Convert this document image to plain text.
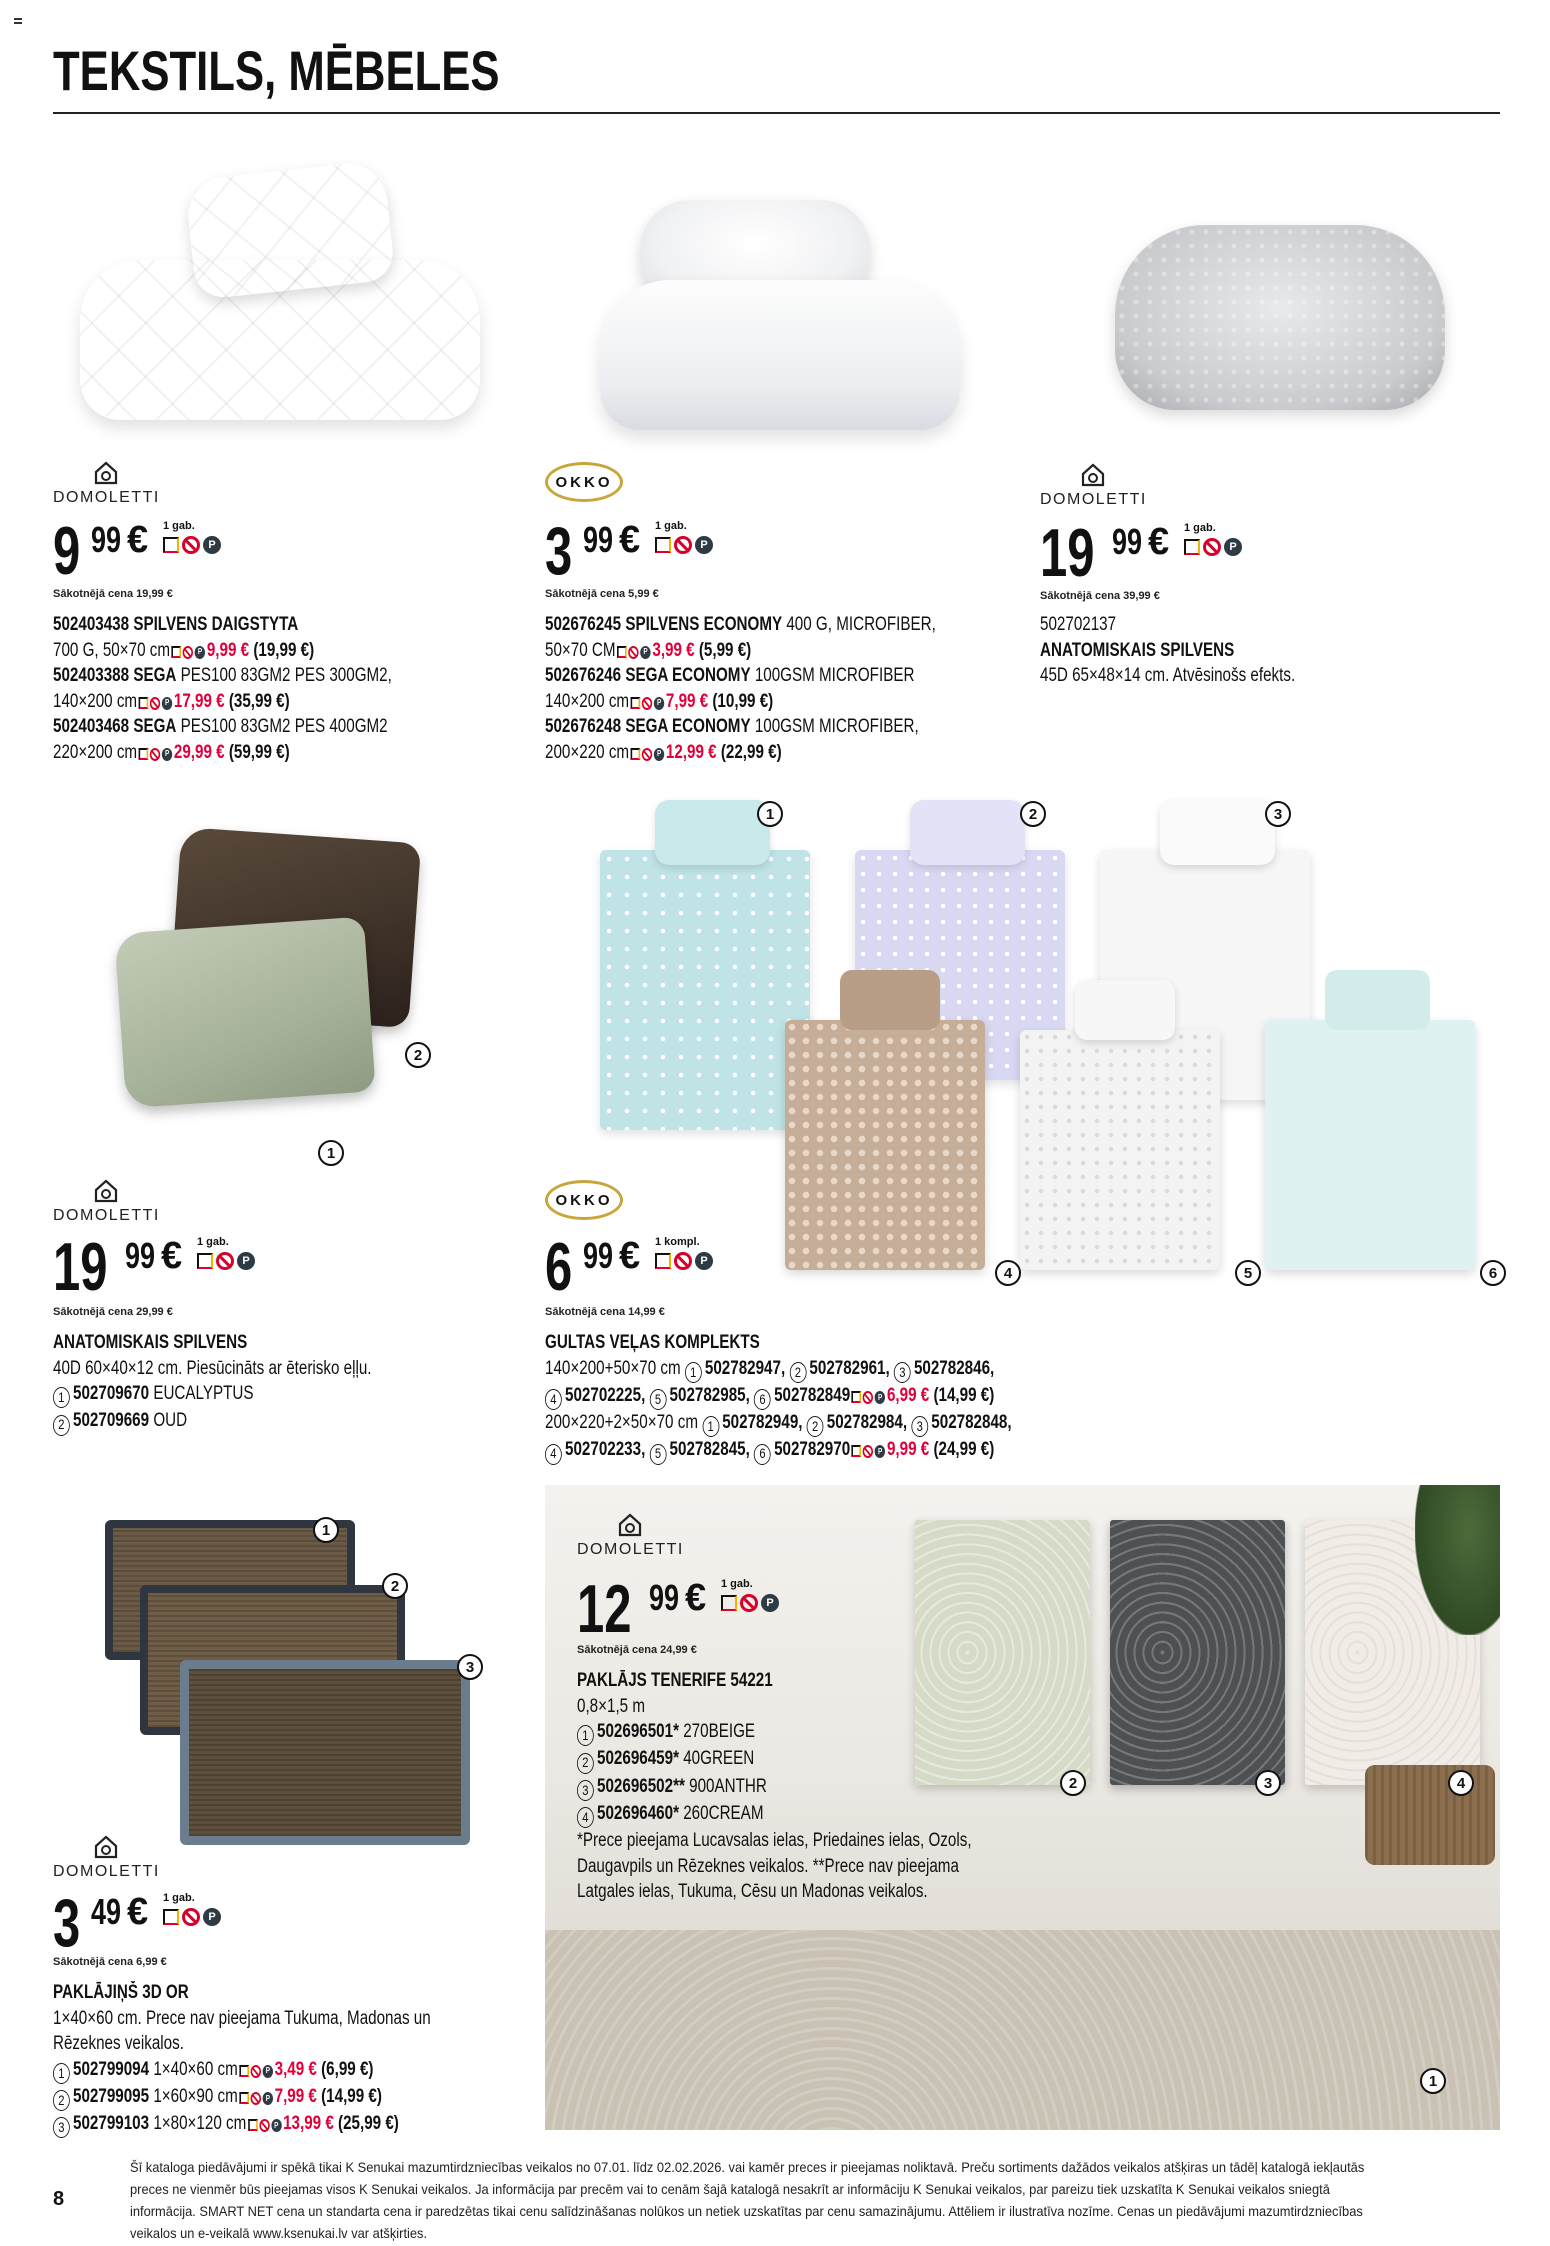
TEKSTILS, MĒBELES
DOMOLETTI
9 99 €	1 gab.
P
Sākotnējā cena 19,99 €
502403438 SPILVENS DAIGSTYTA
700 G, 50×70 cm	P 9,99 € (19,99 €)
502403388 SEGA PES100 83GM2 PES 300GM2,
140×200 cm	P 17,99 € (35,99 €)
502403468 SEGA PES100 83GM2 PES 400GM2
220×200 cm	P 29,99 € (59,99 €)
OKKO
3 99 €	1 gab.
P
Sākotnējā cena 5,99 €
502676245 SPILVENS ECONOMY 400 G, MICROFIBER,
50×70 CM	P 3,99 € (5,99 €)
502676246 SEGA ECONOMY 100GSM MICROFIBER
140×200 cm	P 7,99 € (10,99 €)
502676248 SEGA ECONOMY 100GSM MICROFIBER,
200×220 cm	P 12,99 € (22,99 €)
DOMOLETTI
19 99 €	1 gab.
P
Sākotnējā cena 39,99 €
502702137
ANATOMISKAIS SPILVENS
45D 65×48×14 cm. Atvēsinošs efekts.
2
1
DOMOLETTI
19 99 €	1 gab.
P
Sākotnējā cena 29,99 €
ANATOMISKAIS SPILVENS
40D 60×40×12 cm. Piesūcināts ar ēterisko eļļu.
1 502709670 EUCALYPTUS
2 502709669 OUD
1	2	3
4	5	6
OKKO
6 99 €	1 kompl.
P
Sākotnējā cena 14,99 €
GULTAS VEĻAS KOMPLEKTS
140×200+50×70 cm 1 502782947, 2 502782961, 3 502782846,
4 502702225, 5 502782985, 6 502782849	P 6,99 € (14,99 €)
200×220+2×50×70 cm 1 502782949, 2 502782984, 3 502782848,
4 502702233, 5 502782845, 6 502782970	P 9,99 € (24,99 €)
1
2
3
DOMOLETTI
3 49 €	1 gab.
P
Sākotnējā cena 6,99 €
PAKLĀJIŅŠ 3D OR
1×40×60 cm. Prece nav pieejama Tukuma, Madonas un
Rēzeknes veikalos.
1 502799094 1×40×60 cm	P 3,49 € (6,99 €)
2 502799095 1×60×90 cm	P 7,99 € (14,99 €)
3 502799103 1×80×120 cm	P 13,99 € (25,99 €)
2	3	4
1
DOMOLETTI
12 99 €	1 gab.
P
Sākotnējā cena 24,99 €
PAKLĀJS TENERIFE 54221
0,8×1,5 m
1 502696501* 270BEIGE
2 502696459* 40GREEN
3 502696502** 900ANTHR
4 502696460* 260CREAM
*Prece pieejama Lucavsalas ielas, Priedaines ielas, Ozols,
Daugavpils un Rēzeknes veikalos. **Prece nav pieejama
Latgales ielas, Tukuma, Cēsu un Madonas veikalos.
8
Šī kataloga piedāvājumi ir spēkā tikai K Senukai mazumtirdzniecības veikalos no 07.01. līdz 02.02.2026. vai kamēr preces ir pieejamas noliktavā. Preču sortiments dažādos veikalos atšķiras un tādēļ katalogā iekļautās preces ne vienmēr būs pieejamas visos K Senukai veikalos. Ja informācija par precēm vai to cenām šajā katalogā nesakrīt ar informāciju K Senukai veikalos, par pareizu tiek uzskatīta K Senukai veikalos sniegtā informācija. SMART NET cena un standarta cena ir paredzētas tikai cenu salīdzināšanas nolūkos un netiek uzskatītas par cenu samazinājumu. Attēliem ir ilustratīva nozīme. Cenas un piedāvājumi mazumtirdzniecības veikalos un e-veikalā www.ksenukai.lv var atšķirties.
